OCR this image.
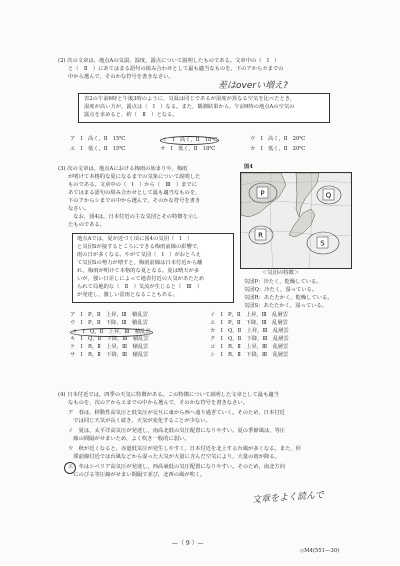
(2) 次の文章は，地点Aの気温，湿度，露点について説明したものである。文章中の（　Ⅰ　）
と（　Ⅱ　）にあてはまる語句の組み合わせとして最も適当なものを，下のアからカまでの
中から選んで，そのかな符号を書きなさい。
差はoverい増え?
表2の午前6時と午後3時のように，気温は同じであるが湿度が異なる空気を比べたとき，
湿度が高い方が，露点は（　Ⅰ　）なる。また，観測結果から，午前9時の地点Aの空気の
露点を求めると，約（　Ⅱ　）となる。
ア　Ⅰ　高く，Ⅱ　15℃	イ　Ⅰ　高く，Ⅱ　18℃	ウ　Ⅰ　高く，Ⅱ　20℃
エ　Ⅰ　低く，Ⅱ　15℃	オ　Ⅰ　低く，Ⅱ　18℃	カ　Ⅰ　低く，Ⅱ　20℃
(3) 次の文章は，地点Aにおける梅雨の始まりや，梅雨
が明けて本格的な夏になるまでの気象について説明した
ものである。文章中の（　Ⅰ　）から（　Ⅲ　）までに
あてはまる語句の組み合わせとして最も適当なものを，
下のアからシまでの中から選んで，そのかな符号を書き
なさい。
　なお，図4は，日本付近の主な気団とその特徴を示し
たものである。
地点Aでは，夏が近づく頃に図4の気団（　Ⅰ　）
と気団Sが接するところにできる梅雨前線の影響で，
雨の日が多くなる。やがて気団（　Ⅰ　）がおとろえ
て気団Sの勢力が増すと，梅雨前線は日本付近から離
れ，梅雨が明けて本格的な夏となる。夏は晴天が多
いが，強い日差しによって地表付近の大気があたため
られて局地的な（　Ⅱ　）気流が生じると（　Ⅲ　）
が発達し，激しい雷雨となることもある。
図4
P	Q
R
S
＜気団の特徴＞
気団P：冷たく，乾燥している。
気団Q：冷たく，湿っている。
気団R：あたたかく，乾燥している。
気団S：あたたかく，湿っている。
ア　Ⅰ　P，Ⅱ　上昇，Ⅲ　積乱雲
ウ　Ⅰ　P，Ⅱ　下降，Ⅲ　積乱雲
オ　Ⅰ　Q，Ⅱ　上昇，Ⅲ　積乱雲
キ　Ⅰ　Q，Ⅱ　下降，Ⅲ　積乱雲
ケ　Ⅰ　R，Ⅱ　上昇，Ⅲ　積乱雲
サ　Ⅰ　R，Ⅱ　下降，Ⅲ　積乱雲
イ　Ⅰ　P，Ⅱ　上昇，Ⅲ　乱層雲
エ　Ⅰ　P，Ⅱ　下降，Ⅲ　乱層雲
カ　Ⅰ　Q，Ⅱ　上昇，Ⅲ　乱層雲
ク　Ⅰ　Q，Ⅱ　下降，Ⅲ　乱層雲
コ　Ⅰ　R，Ⅱ　上昇，Ⅲ　乱層雲
シ　Ⅰ　R，Ⅱ　下降，Ⅲ　乱層雲
(4) 日本付近では，四季の天気に特徴がある。この特徴について説明した文章として最も適当
なものを，次のアからエまでの中から選んで，そのかな符号を書きなさい。
ア　春は，移動性高気圧と低気圧が交互に東から西へ通り過ぎていく。そのため，日本付近
　では同じ天気が長く続き，天気が変化することが少ない。
イ　夏は，太平洋高気圧が発達し，南高北低の気圧配置になりやすい。夏の季節風は，等圧
　線の間隔がせまいため，よく吹き一般的に弱い。
ウ　秋が近くなると，赤道低気圧が発生しやすく，日本付近を北上する台風が多くなる。また，停
　滞前線付近では台風などから湿った大気が大量に含んだ空気により，大量の雨が降る。
エ　冬はシベリア高気圧が発達し，西高東低の気圧配置になりやすい。そのため，南北方向
　にのびる等圧線がせまい間隔で並び，北西の風が吹く。
文章をよく読んで
—（ 9 ）—
◇M4(551—30)
